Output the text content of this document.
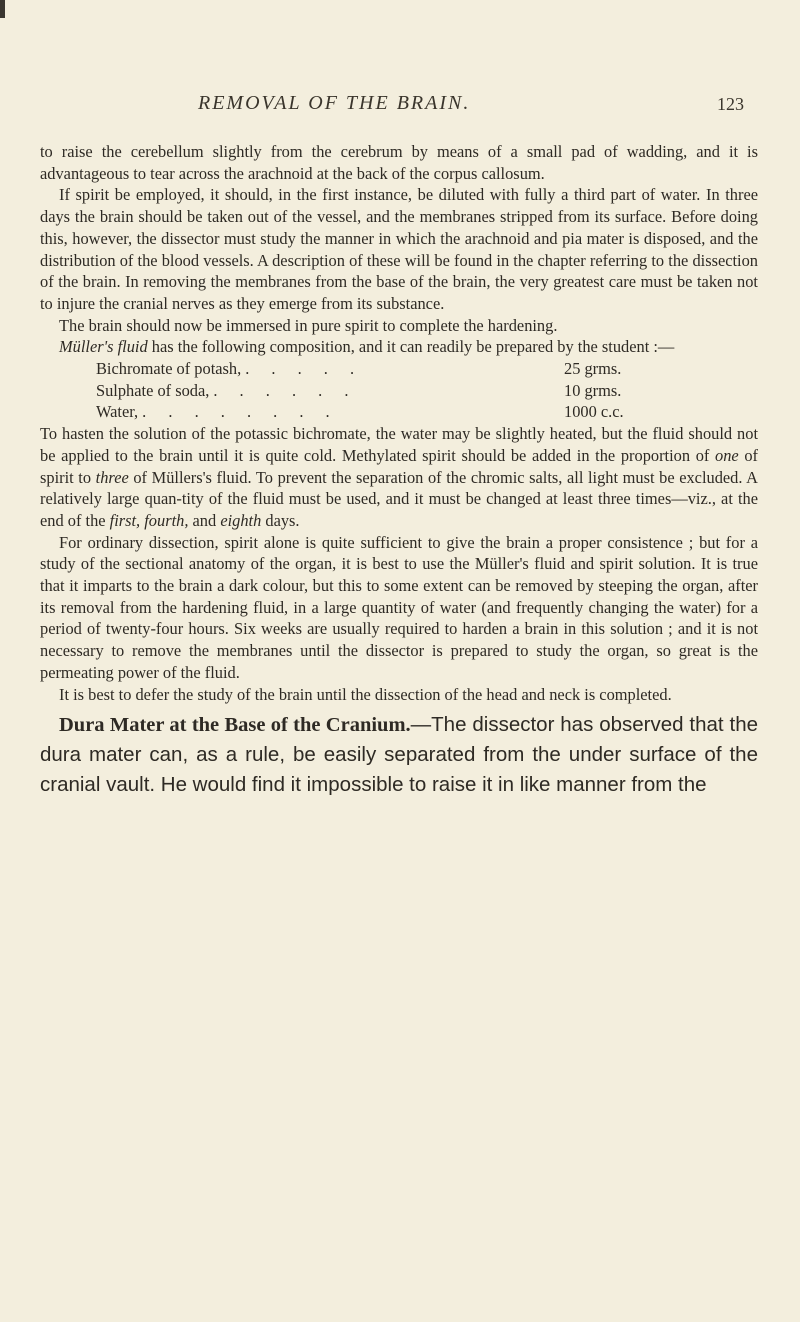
REMOVAL OF THE BRAIN.	123

to raise the cerebellum slightly from the cerebrum by means of a small pad of wadding, and it is advantageous to tear across the arachnoid at the back of the corpus callosum.

If spirit be employed, it should, in the first instance, be diluted with fully a third part of water. In three days the brain should be taken out of the vessel, and the membranes stripped from its surface. Before doing this, however, the dissector must study the manner in which the arachnoid and pia mater is disposed, and the distribution of the blood vessels. A description of these will be found in the chapter referring to the dissection of the brain. In removing the membranes from the base of the brain, the very greatest care must be taken not to injure the cranial nerves as they emerge from its substance.

The brain should now be immersed in pure spirit to complete the hardening.

Müller's fluid has the following composition, and it can readily be prepared by the student :—

Bichromate of potash, . . . . .	25 grms.
Sulphate of soda, . . . . . .	10 grms.
Water, . . . . . . . .	1000 c.c.

To hasten the solution of the potassic bichromate, the water may be slightly heated, but the fluid should not be applied to the brain until it is quite cold. Methylated spirit should be added in the proportion of one of spirit to three of Müllers's fluid. To prevent the separation of the chromic salts, all light must be excluded. A relatively large quan-tity of the fluid must be used, and it must be changed at least three times—viz., at the end of the first, fourth, and eighth days.

For ordinary dissection, spirit alone is quite sufficient to give the brain a proper consistence ; but for a study of the sectional anatomy of the organ, it is best to use the Müller's fluid and spirit solution. It is true that it imparts to the brain a dark colour, but this to some extent can be removed by steeping the organ, after its removal from the hardening fluid, in a large quantity of water (and frequently changing the water) for a period of twenty-four hours. Six weeks are usually required to harden a brain in this solution ; and it is not necessary to remove the membranes until the dissector is prepared to study the organ, so great is the permeating power of the fluid.

It is best to defer the study of the brain until the dissection of the head and neck is completed.

Dura Mater at the Base of the Cranium.—The dissector has observed that the dura mater can, as a rule, be easily separated from the under surface of the cranial vault. He would find it impossible to raise it in like manner from the
